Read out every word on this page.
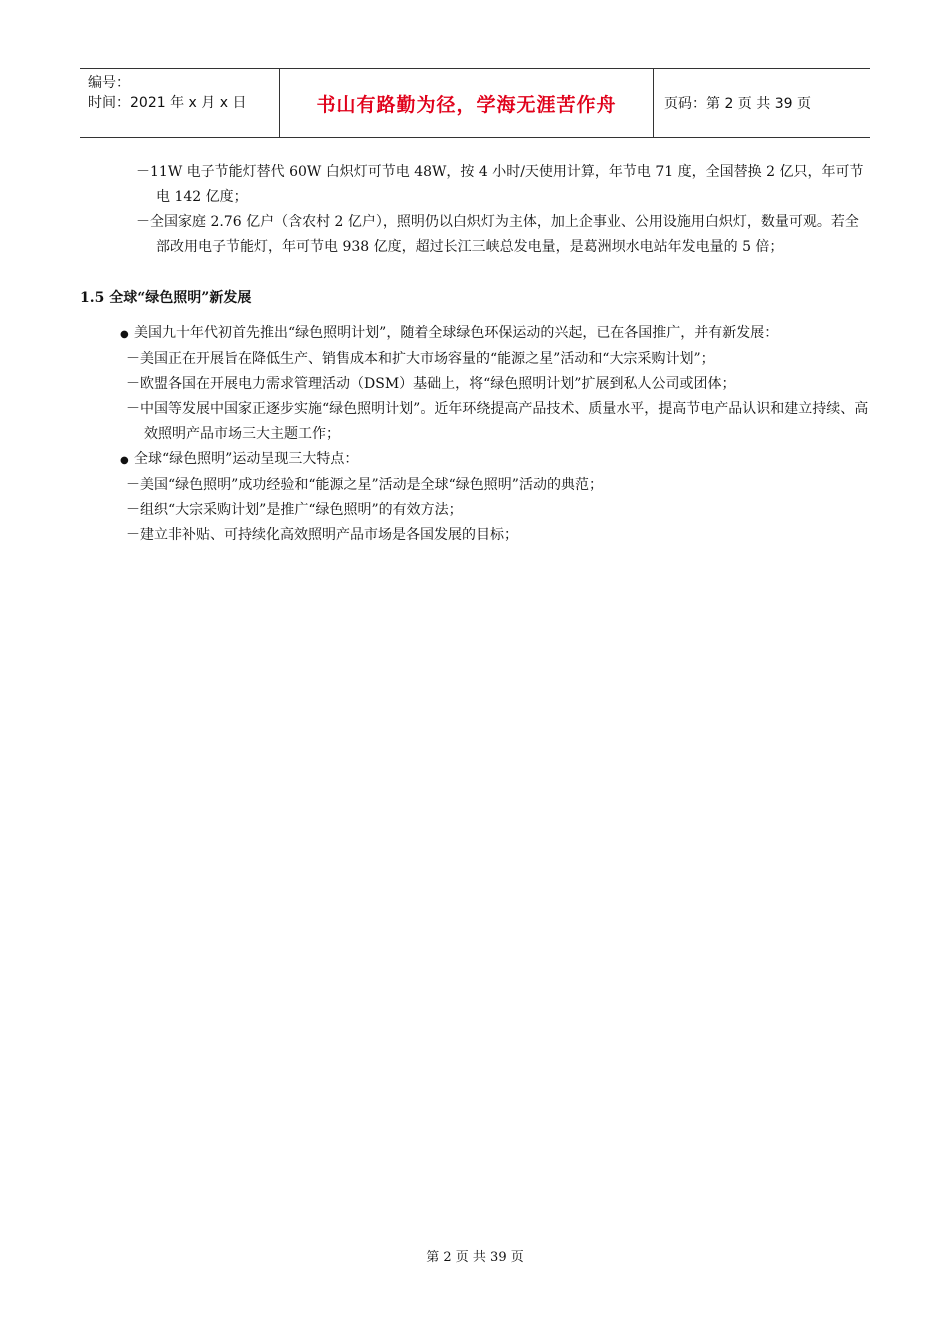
编号：
时间：2021 年 x 月 x 日	书山有路勤为径，学海无涯苦作舟	页码：第 2 页 共 39 页
－11W 电子节能灯替代 60W 白炽灯可节电 48W，按 4 小时/天使用计算，年节电 71 度，全国替换 2 亿只，年可节电 142 亿度；
－全国家庭 2.76 亿户（含农村 2 亿户），照明仍以白炽灯为主体，加上企事业、公用设施用白炽灯，数量可观。若全部改用电子节能灯，年可节电 938 亿度，超过长江三峡总发电量，是葛洲坝水电站年发电量的 5 倍；
1.5 全球“绿色照明”新发展
● 美国九十年代初首先推出“绿色照明计划”，随着全球绿色环保运动的兴起，已在各国推广，并有新发展：
－美国正在开展旨在降低生产、销售成本和扩大市场容量的“能源之星”活动和“大宗采购计划”；
－欧盟各国在开展电力需求管理活动（DSM）基础上，将“绿色照明计划”扩展到私人公司或团体；
－中国等发展中国家正逐步实施“绿色照明计划”。近年环绕提高产品技术、质量水平，提高节电产品认识和建立持续、高效照明产品市场三大主题工作；
● 全球“绿色照明”运动呈现三大特点：
－美国“绿色照明”成功经验和“能源之星”活动是全球“绿色照明”活动的典范；
－组织“大宗采购计划”是推广“绿色照明”的有效方法；
－建立非补贴、可持续化高效照明产品市场是各国发展的目标；
第 2 页 共 39 页
